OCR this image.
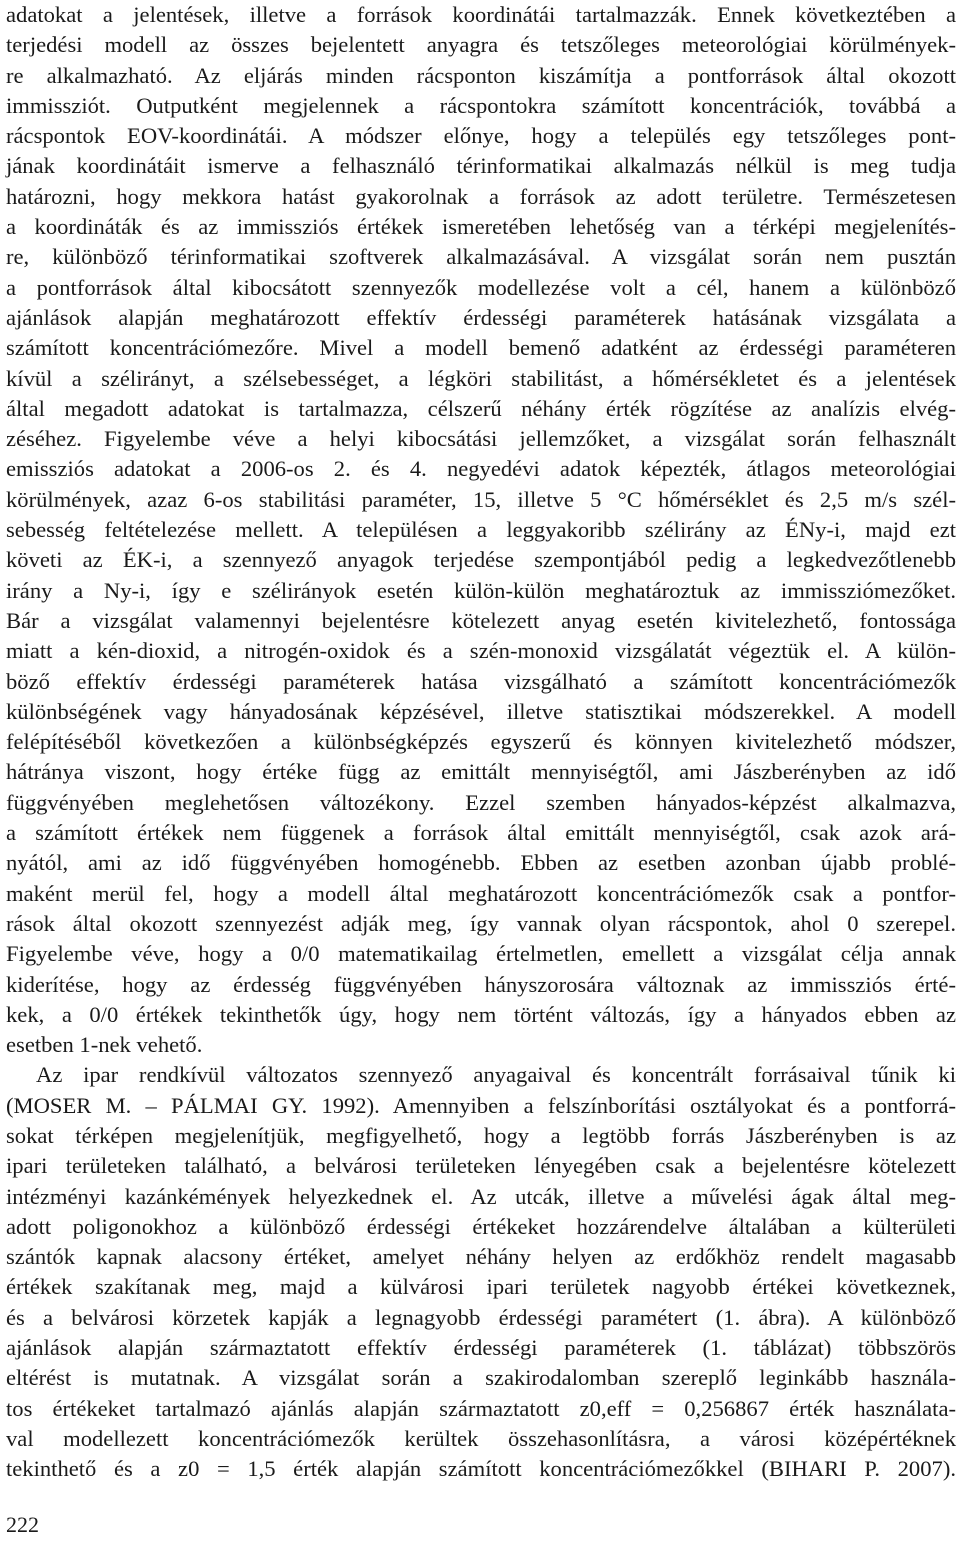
adatokat a jelentések, illetve a források koordinátái tartalmazzák. Ennek következtében a
terjedési modell az összes bejelentett anyagra és tetszőleges meteorológiai körülmények-
re alkalmazható. Az eljárás minden rácsponton kiszámítja a pontforrások által okozott
immissziót. Outputként megjelennek a rácspontokra számított koncentrációk, továbbá a
rácspontok EOV-koordinátái. A módszer előnye, hogy a település egy tetszőleges pont-
jának koordinátáit ismerve a felhasználó térinformatikai alkalmazás nélkül is meg tudja
határozni, hogy mekkora hatást gyakorolnak a források az adott területre. Természetesen
a koordináták és az immissziós értékek ismeretében lehetőség van a térképi megjelenítés-
re, különböző térinformatikai szoftverek alkalmazásával. A vizsgálat során nem pusztán
a pontforrások által kibocsátott szennyezők modellezése volt a cél, hanem a különböző
ajánlások alapján meghatározott effektív érdességi paraméterek hatásának vizsgálata a
számított koncentrációmezőre. Mivel a modell bemenő adatként az érdességi paraméteren
kívül a szélirányt, a szélsebességet, a légköri stabilitást, a hőmérsékletet és a jelentések
által megadott adatokat is tartalmazza, célszerű néhány érték rögzítése az analízis elvég-
zéséhez. Figyelembe véve a helyi kibocsátási jellemzőket, a vizsgálat során felhasznált
emissziós adatokat a 2006-os 2. és 4. negyedévi adatok képezték, átlagos meteorológiai
körülmények, azaz 6-os stabilitási paraméter, 15, illetve 5 °C hőmérséklet és 2,5 m/s szél-
sebesség feltételezése mellett. A településen a leggyakoribb szélirány az ÉNy-i, majd ezt
követi az ÉK-i, a szennyező anyagok terjedése szempontjából pedig a legkedvezőtlenebb
irány a Ny-i, így e szélirányok esetén külön-külön meghatároztuk az immissziómezőket.
Bár a vizsgálat valamennyi bejelentésre kötelezett anyag esetén kivitelezhető, fontossága
miatt a kén-dioxid, a nitrogén-oxidok és a szén-monoxid vizsgálatát végeztük el. A külön-
böző effektív érdességi paraméterek hatása vizsgálható a számított koncentrációmezők
különbségének vagy hányadosának képzésével, illetve statisztikai módszerekkel. A modell
felépítéséből következően a különbségképzés egyszerű és könnyen kivitelezhető módszer,
hátránya viszont, hogy értéke függ az emittált mennyiségtől, ami Jászberényben az idő
függvényében meglehetősen változékony. Ezzel szemben hányados-képzést alkalmazva,
a számított értékek nem függenek a források által emittált mennyiségtől, csak azok ará-
nyától, ami az idő függvényében homogénebb. Ebben az esetben azonban újabb problé-
maként merül fel, hogy a modell által meghatározott koncentrációmezők csak a pontfor-
rások által okozott szennyezést adják meg, így vannak olyan rácspontok, ahol 0 szerepel.
Figyelembe véve, hogy a 0/0 matematikailag értelmetlen, emellett a vizsgálat célja annak
kiderítése, hogy az érdesség függvényében hányszorosára változnak az immissziós érté-
kek, a 0/0 értékek tekinthetők úgy, hogy nem történt változás, így a hányados ebben az
esetben 1-nek vehető.
Az ipar rendkívül változatos szennyező anyagaival és koncentrált forrásaival tűnik ki
(MOSER M. – PÁLMAI GY. 1992). Amennyiben a felszínborítási osztályokat és a pontforrá-
sokat térképen megjelenítjük, megfigyelhető, hogy a legtöbb forrás Jászberényben is az
ipari területeken található, a belvárosi területeken lényegében csak a bejelentésre kötelezett
intézményi kazánkémények helyezkednek el. Az utcák, illetve a művelési ágak által meg-
adott poligonokhoz a különböző érdességi értékeket hozzárendelve általában a külterületi
szántók kapnak alacsony értéket, amelyet néhány helyen az erdőkhöz rendelt magasabb
értékek szakítanak meg, majd a külvárosi ipari területek nagyobb értékei következnek,
és a belvárosi körzetek kapják a legnagyobb érdességi paramétert (1. ábra). A különböző
ajánlások alapján származtatott effektív érdességi paraméterek (1. táblázat) többszörös
eltérést is mutatnak. A vizsgálat során a szakirodalomban szereplő leginkább használa-
tos értékeket tartalmazó ajánlás alapján származtatott z0,eff = 0,256867 érték használata-
val modellezett koncentrációmezők kerültek összehasonlításra, a városi középértéknek
tekinthető és a z0 = 1,5 érték alapján számított koncentrációmezőkkel (BIHARI P. 2007).
222
